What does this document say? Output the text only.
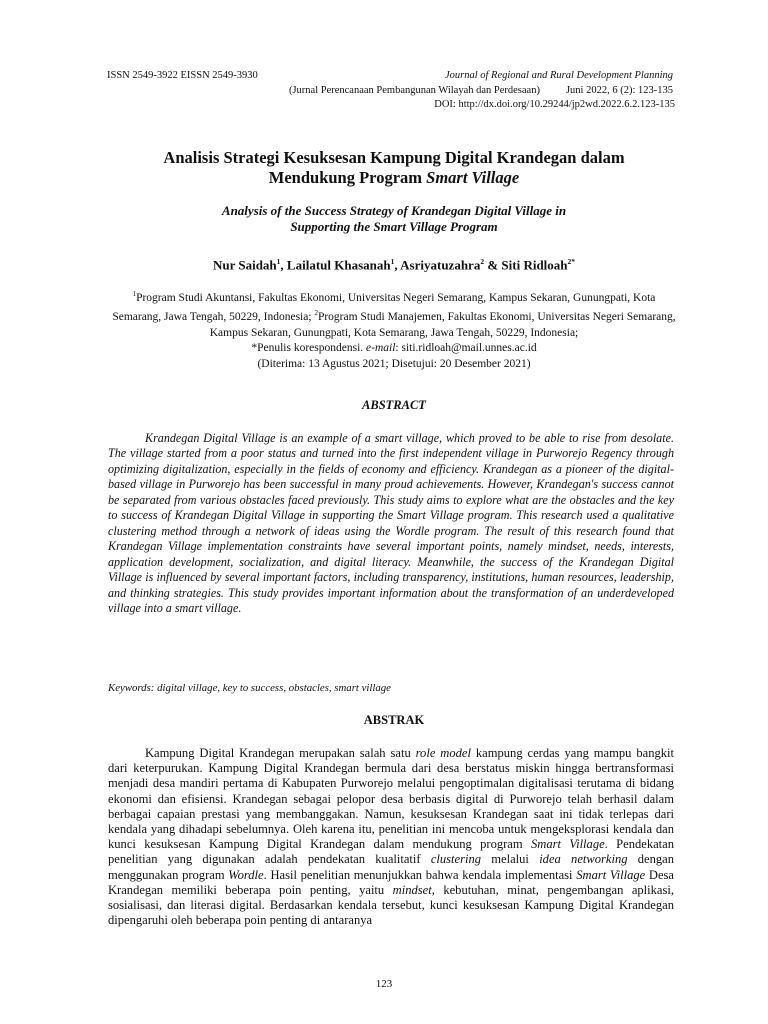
ISSN 2549-3922 EISSN 2549-3930	Journal of Regional and Rural Development Planning
(Jurnal Perencanaan Pembangunan Wilayah dan Perdesaan) Juni 2022, 6 (2): 123-135
DOI: http://dx.doi.org/10.29244/jp2wd.2022.6.2.123-135
Analisis Strategi Kesuksesan Kampung Digital Krandegan dalam
Mendukung Program Smart Village
Analysis of the Success Strategy of Krandegan Digital Village in
Supporting the Smart Village Program
Nur Saidah$^1$, Lailatul Khasanah$^1$, Asriyatuzahra$^2$ & Siti Ridloah$^{2*}$
$^1$Program Studi Akuntansi, Fakultas Ekonomi, Universitas Negeri Semarang, Kampus Sekaran, Gunungpati, Kota Semarang, Jawa Tengah, 50229, Indonesia; $^2$Program Studi Manajemen, Fakultas Ekonomi, Universitas Negeri Semarang, Kampus Sekaran, Gunungpati, Kota Semarang, Jawa Tengah, 50229, Indonesia;
*Penulis korespondensi. e-mail: siti.ridloah@mail.unnes.ac.id
(Diterima: 13 Agustus 2021; Disetujui: 20 Desember 2021)
ABSTRACT

Krandegan Digital Village is an example of a smart village, which proved to be able to rise from desolate. The village started from a poor status and turned into the first independent village in Purworejo Regency through optimizing digitalization, especially in the fields of economy and efficiency. Krandegan as a pioneer of the digital-based village in Purworejo has been successful in many proud achievements. However, Krandegan's success cannot be separated from various obstacles faced previously. This study aims to explore what are the obstacles and the key to success of Krandegan Digital Village in supporting the Smart Village program. This research used a qualitative clustering method through a network of ideas using the Wordle program. The result of this research found that Krandegan Village implementation constraints have several important points, namely mindset, needs, interests, application development, socialization, and digital literacy. Meanwhile, the success of the Krandegan Digital Village is influenced by several important factors, including transparency, institutions, human resources, leadership, and thinking strategies. This study provides important information about the transformation of an underdeveloped village into a smart village.

Keywords: digital village, key to success, obstacles, smart village
ABSTRAK

Kampung Digital Krandegan merupakan salah satu role model kampung cerdas yang mampu bangkit dari keterpurukan. Kampung Digital Krandegan bermula dari desa berstatus miskin hingga bertransformasi menjadi desa mandiri pertama di Kabupaten Purworejo melalui pengoptimalan digitalisasi terutama di bidang ekonomi dan efisiensi. Krandegan sebagai pelopor desa berbasis digital di Purworejo telah berhasil dalam berbagai capaian prestasi yang membanggakan. Namun, kesuksesan Krandegan saat ini tidak terlepas dari kendala yang dihadapi sebelumnya. Oleh karena itu, penelitian ini mencoba untuk mengeksplorasi kendala dan kunci kesuksesan Kampung Digital Krandegan dalam mendukung program Smart Village. Pendekatan penelitian yang digunakan adalah pendekatan kualitatif clustering melalui idea networking dengan menggunakan program Wordle. Hasil penelitian menunjukkan bahwa kendala implementasi Smart Village Desa Krandegan memiliki beberapa poin penting, yaitu mindset, kebutuhan, minat, pengembangan aplikasi, sosialisasi, dan literasi digital. Berdasarkan kendala tersebut, kunci kesuksesan Kampung Digital Krandegan dipengaruhi oleh beberapa poin penting di antaranya

123
